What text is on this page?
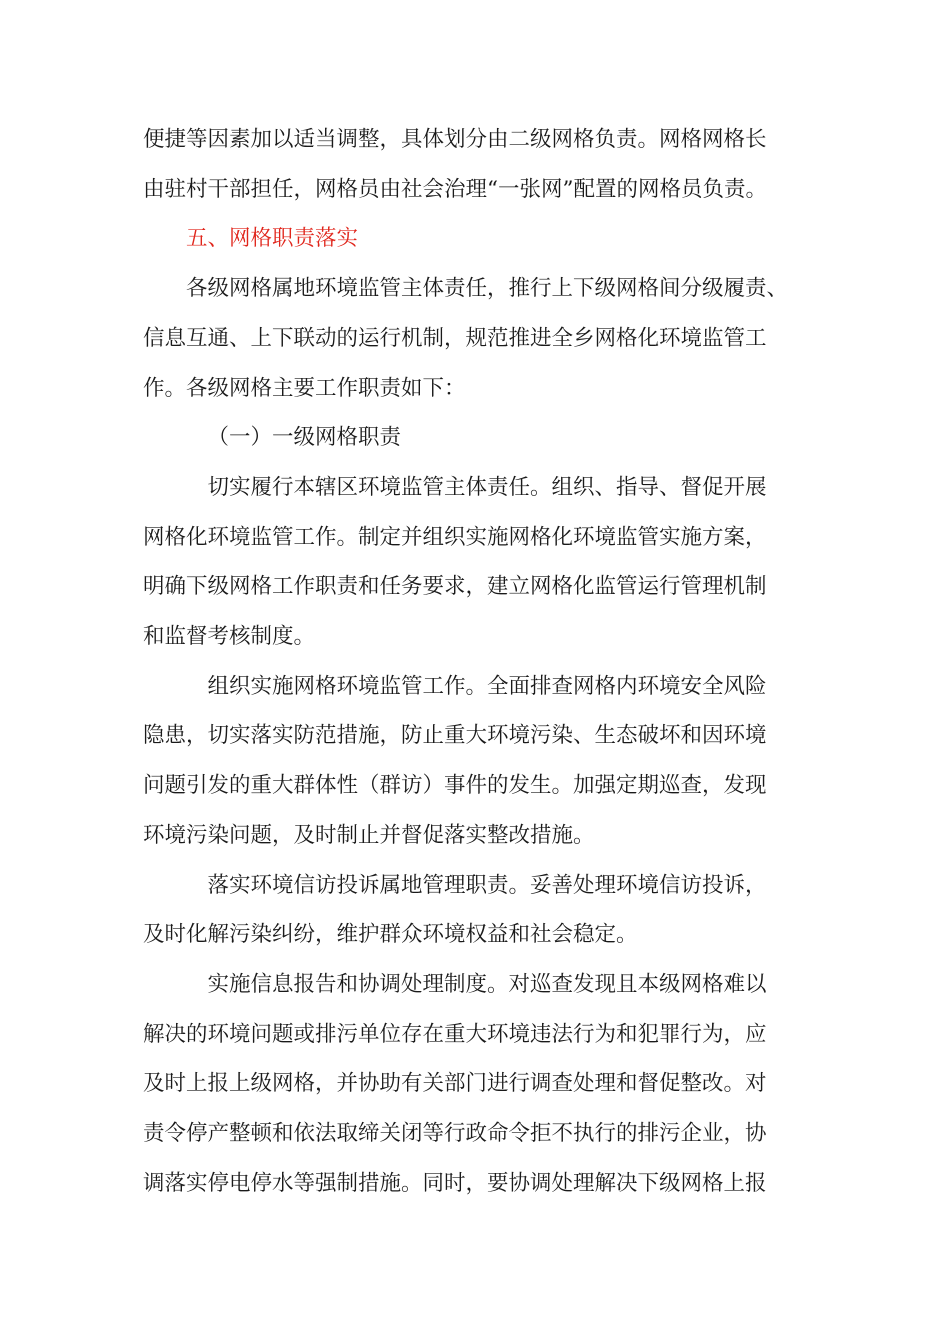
便捷等因素加以适当调整，具体划分由二级网格负责。网格网格长
由驻村干部担任，网格员由社会治理“一张网”配置的网格员负责。
五、网格职责落实
各级网格属地环境监管主体责任，推行上下级网格间分级履责、
信息互通、上下联动的运行机制，规范推进全乡网格化环境监管工
作。各级网格主要工作职责如下：
（一）一级网格职责
切实履行本辖区环境监管主体责任。组织、指导、督促开展
网格化环境监管工作。制定并组织实施网格化环境监管实施方案，
明确下级网格工作职责和任务要求，建立网格化监管运行管理机制
和监督考核制度。
组织实施网格环境监管工作。全面排查网格内环境安全风险
隐患，切实落实防范措施，防止重大环境污染、生态破坏和因环境
问题引发的重大群体性（群访）事件的发生。加强定期巡查，发现
环境污染问题，及时制止并督促落实整改措施。
落实环境信访投诉属地管理职责。妥善处理环境信访投诉，
及时化解污染纠纷，维护群众环境权益和社会稳定。
实施信息报告和协调处理制度。对巡查发现且本级网格难以
解决的环境问题或排污单位存在重大环境违法行为和犯罪行为，应
及时上报上级网格，并协助有关部门进行调查处理和督促整改。对
责令停产整顿和依法取缔关闭等行政命令拒不执行的排污企业，协
调落实停电停水等强制措施。同时，要协调处理解决下级网格上报
